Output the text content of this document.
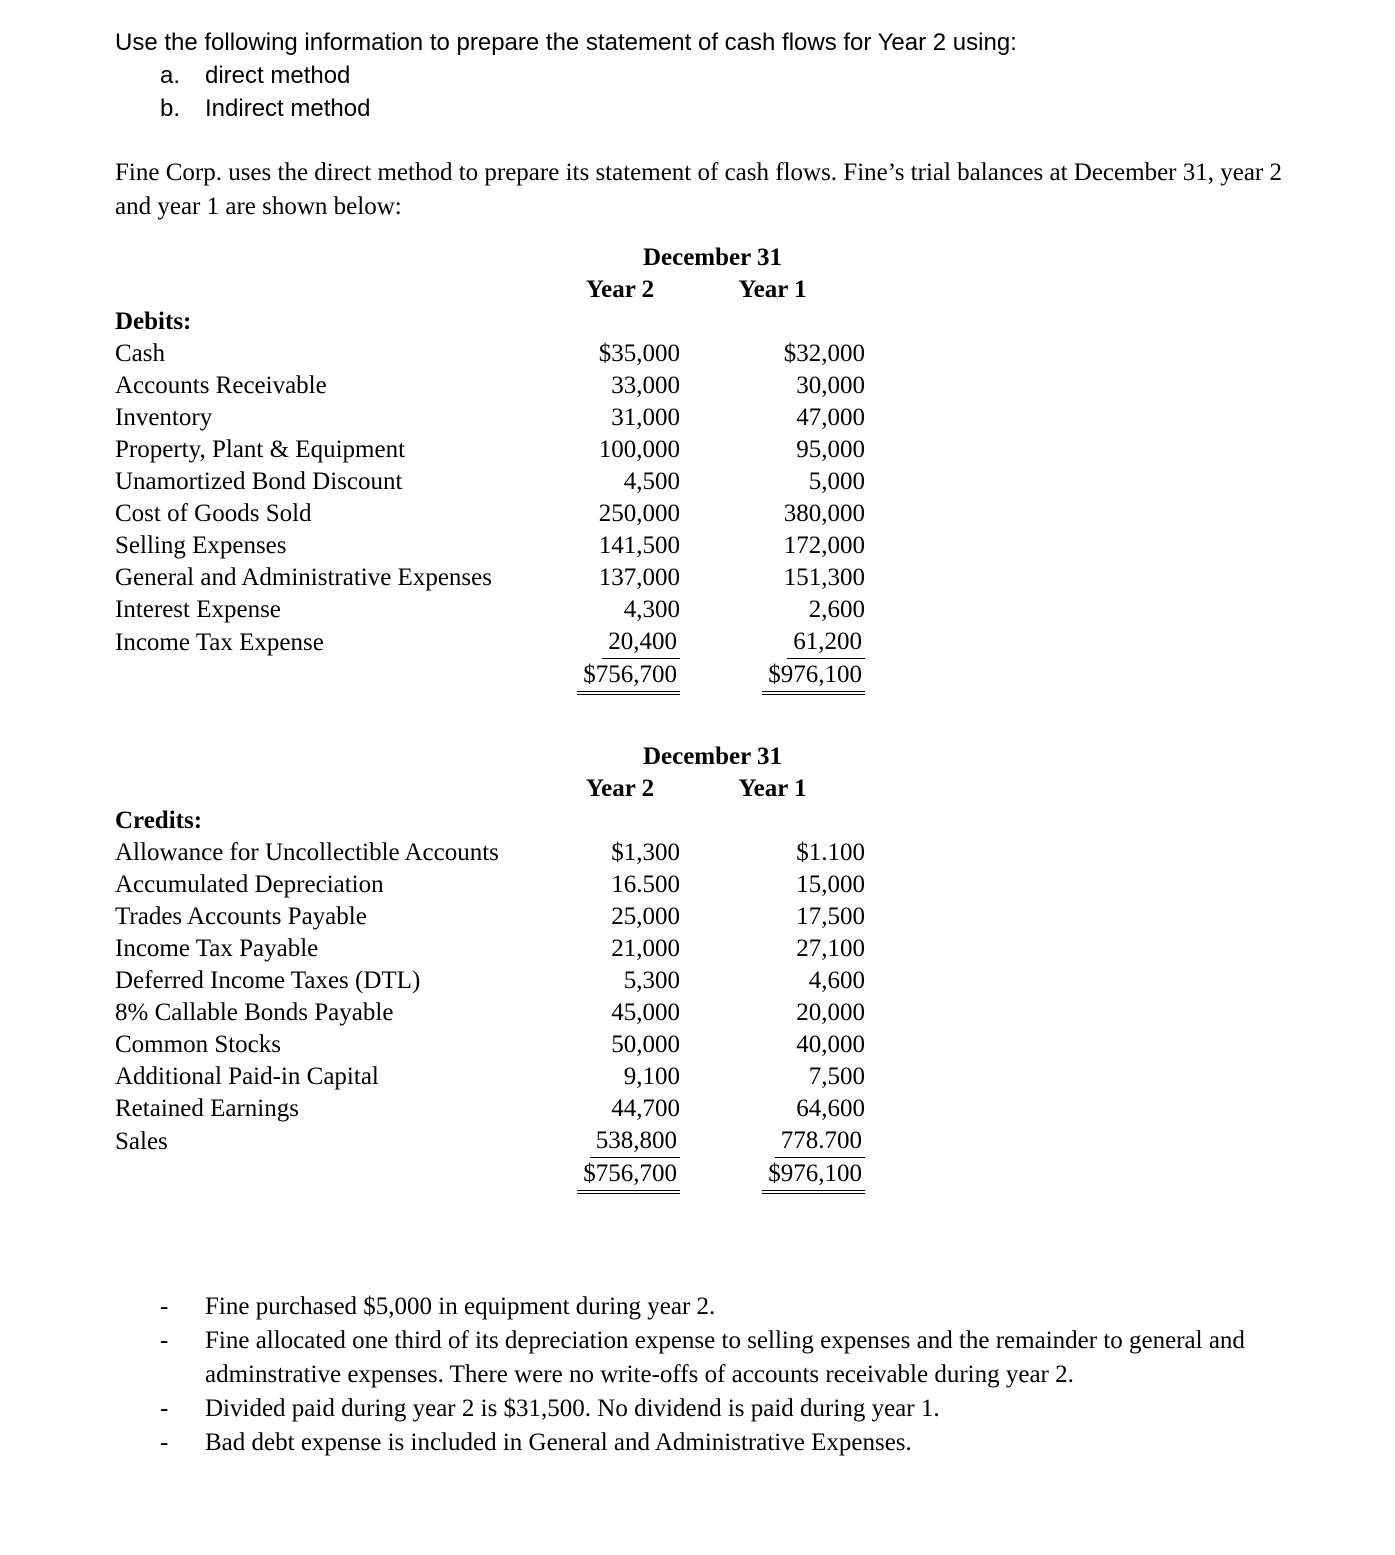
Use the following information to prepare the statement of cash flows for Year 2 using:

a.	direct method
b.	Indirect method

Fine Corp. uses the direct method to prepare its statement of cash flows. Fine’s trial balances at December 31, year 2 and year 1 are shown below:

	December 31	
	Year 2	Year 1
Debits:		
Cash	$35,000	$32,000
Accounts Receivable	33,000	30,000
Inventory	31,000	47,000
Property, Plant & Equipment	100,000	95,000
Unamortized Bond Discount	4,500	5,000
Cost of Goods Sold	250,000	380,000
Selling Expenses	141,500	172,000
General and Administrative Expenses	137,000	151,300
Interest Expense	4,300	2,600
Income Tax Expense	20,400	61,200
	$756,700	$976,100
	December 31	
	Year 2	Year 1
Credits:		
Allowance for Uncollectible Accounts	$1,300	$1.100
Accumulated Depreciation	16.500	15,000
Trades Accounts Payable	25,000	17,500
Income Tax Payable	21,000	27,100
Deferred Income Taxes (DTL)	5,300	4,600
8% Callable Bonds Payable	45,000	20,000
Common Stocks	50,000	40,000
Additional Paid-in Capital	9,100	7,500
Retained Earnings	44,700	64,600
Sales	538,800	778.700
	$756,700	$976,100
-	Fine purchased $5,000 in equipment during year 2.
-	Fine allocated one third of its depreciation expense to selling expenses and the remainder to general and adminstrative expenses. There were no write-offs of accounts receivable during year 2.
-	Divided paid during year 2 is $31,500. No dividend is paid during year 1.
-	Bad debt expense is included in General and Administrative Expenses.
